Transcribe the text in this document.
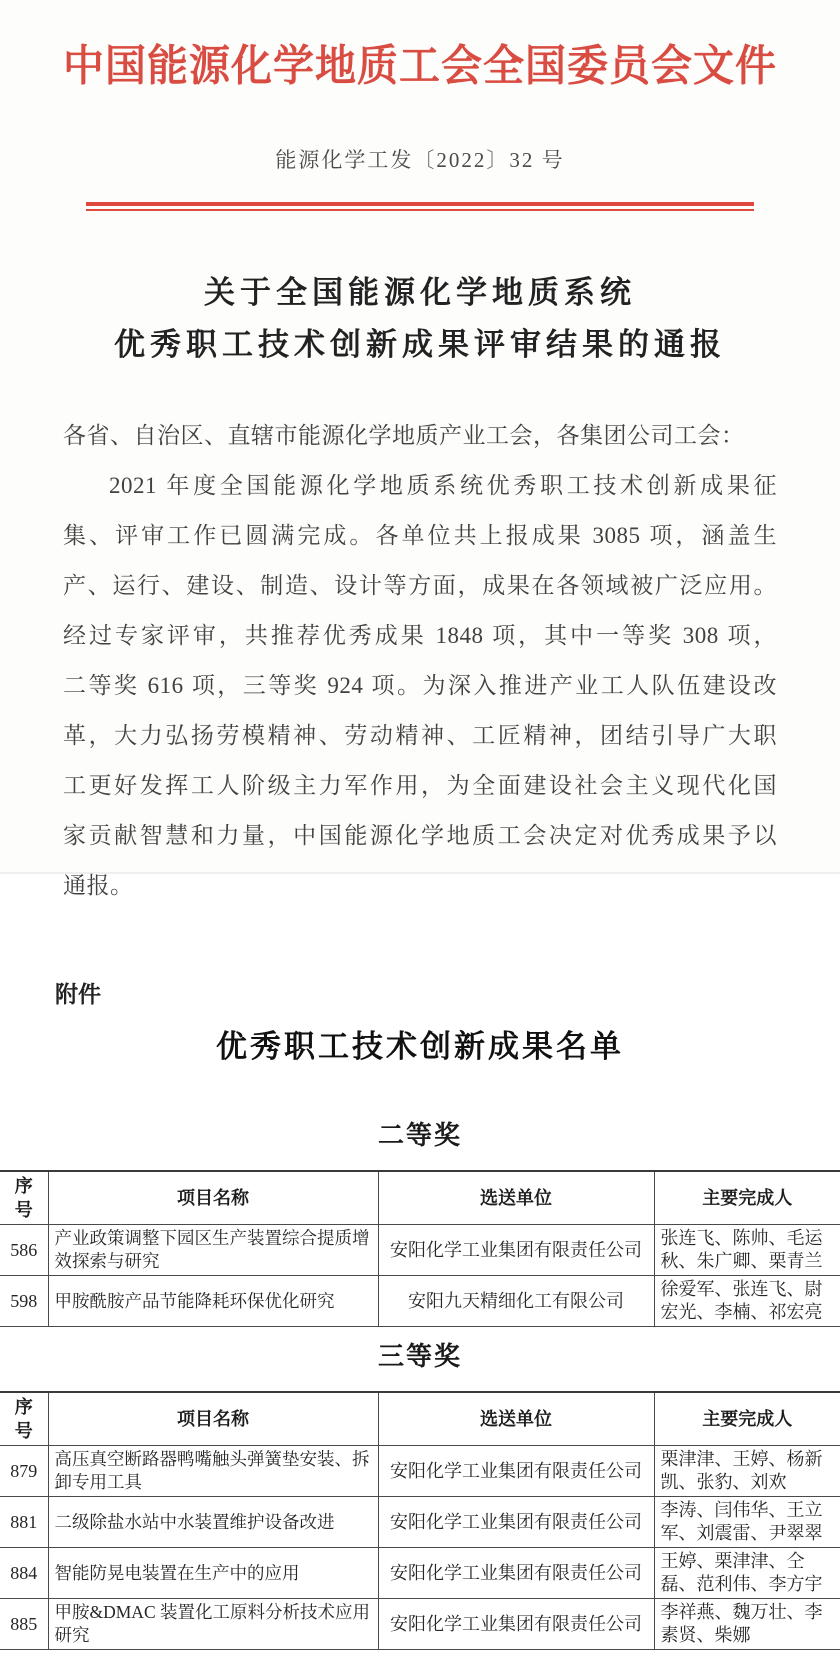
中国能源化学地质工会全国委员会文件
能源化学工发〔2022〕32 号
关于全国能源化学地质系统
优秀职工技术创新成果评审结果的通报
各省、自治区、直辖市能源化学地质产业工会，各集团公司工会：
2021 年度全国能源化学地质系统优秀职工技术创新成果征
集、评审工作已圆满完成。各单位共上报成果 3085 项，涵盖生
产、运行、建设、制造、设计等方面，成果在各领域被广泛应用。
经过专家评审，共推荐优秀成果 1848 项，其中一等奖 308 项，
二等奖 616 项，三等奖 924 项。为深入推进产业工人队伍建设改
革，大力弘扬劳模精神、劳动精神、工匠精神，团结引导广大职
工更好发挥工人阶级主力军作用，为全面建设社会主义现代化国
家贡献智慧和力量，中国能源化学地质工会决定对优秀成果予以
通报。
附件
优秀职工技术创新成果名单
二等奖
序号	项目名称	选送单位	主要完成人
586	产业政策调整下园区生产装置综合提质增效探索与研究	安阳化学工业集团有限责任公司	张连飞、陈帅、毛运秋、朱广卿、栗青兰
598	甲胺酰胺产品节能降耗环保优化研究	安阳九天精细化工有限公司	徐爱军、张连飞、尉宏光、李楠、祁宏亮
三等奖
序号	项目名称	选送单位	主要完成人
879	高压真空断路器鸭嘴触头弹簧垫安装、拆卸专用工具	安阳化学工业集团有限责任公司	栗津津、王婷、杨新凯、张豹、刘欢
881	二级除盐水站中水装置维护设备改进	安阳化学工业集团有限责任公司	李涛、闫伟华、王立军、刘震雷、尹翠翠
884	智能防晃电装置在生产中的应用	安阳化学工业集团有限责任公司	王婷、栗津津、仝磊、范利伟、李方宇
885	甲胺&DMAC 装置化工原料分析技术应用研究	安阳化学工业集团有限责任公司	李祥燕、魏万壮、李素贤、柴娜
